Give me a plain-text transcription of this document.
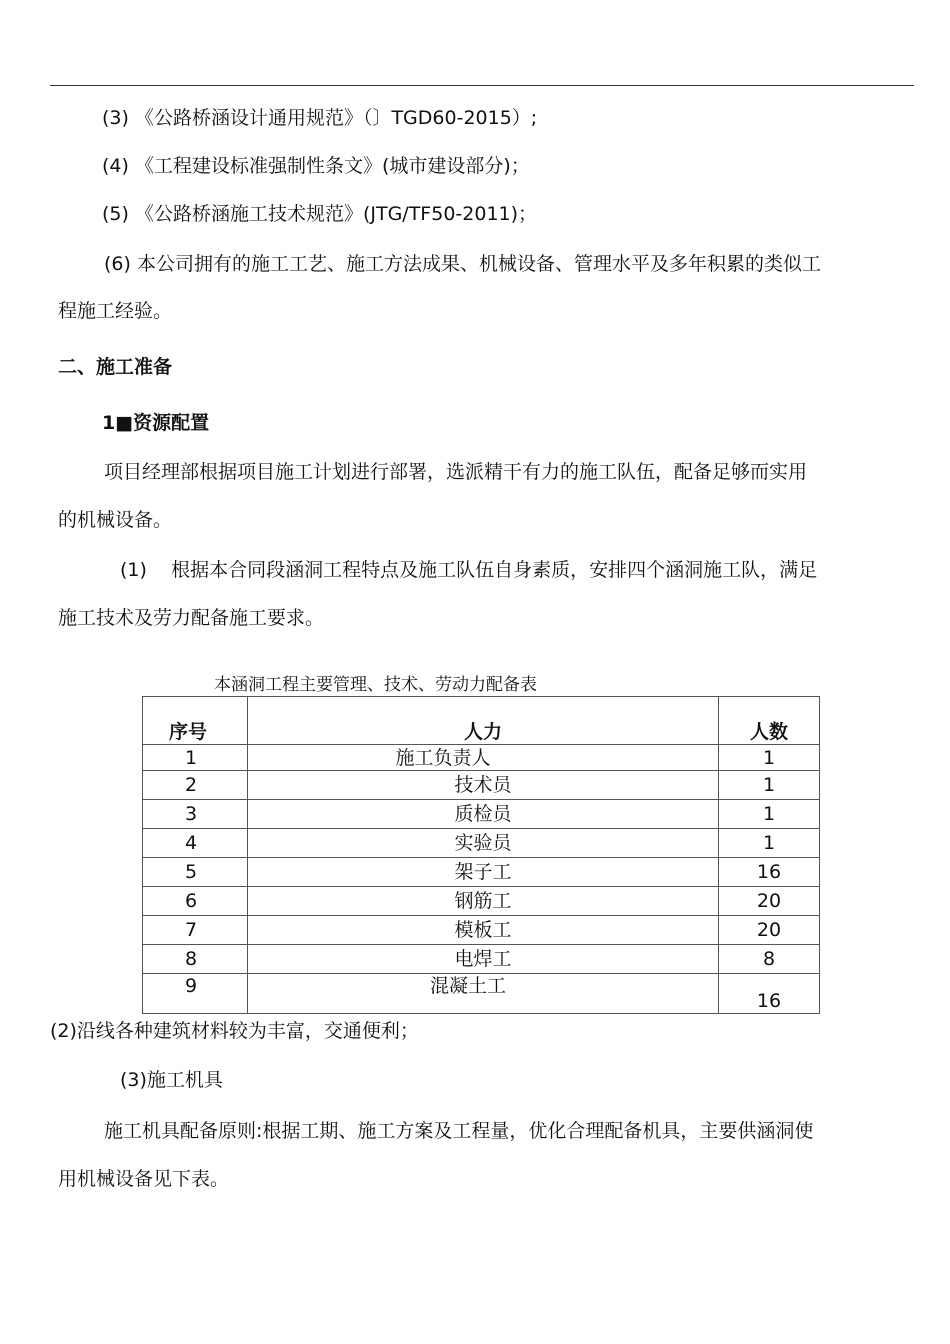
(3) 《公路桥涵设计通用规范》（〕TGD60-2015）;
(4) 《工程建设标准强制性条文》(城市建设部分)；
(5) 《公路桥涵施工技术规范》(JTG/TF50-2011)；
(6) 本公司拥有的施工工艺、施工方法成果、机械设备、管理水平及多年积累的类似工
程施工经验。
二、施工准备
1■资源配置
项目经理部根据项目施工计划进行部署，选派精干有力的施工队伍，配备足够而实用
的机械设备。
(1)    根据本合同段涵洞工程特点及施工队伍自身素质，安排四个涵洞施工队，满足
施工技术及劳力配备施工要求。
本涵洞工程主要管理、技术、劳动力配备表
序号	人力	人数
1	施工负责人	1
2	技术员	1
3	质检员	1
4	实验员	1
5	架子工	16
6	钢筋工	20
7	模板工	20
8	电焊工	8
9	混凝土工	16
(2)沿线各种建筑材料较为丰富，交通便利；
(3)施工机具
施工机具配备原则:根据工期、施工方案及工程量，优化合理配备机具，主要供涵洞使
用机械设备见下表。
